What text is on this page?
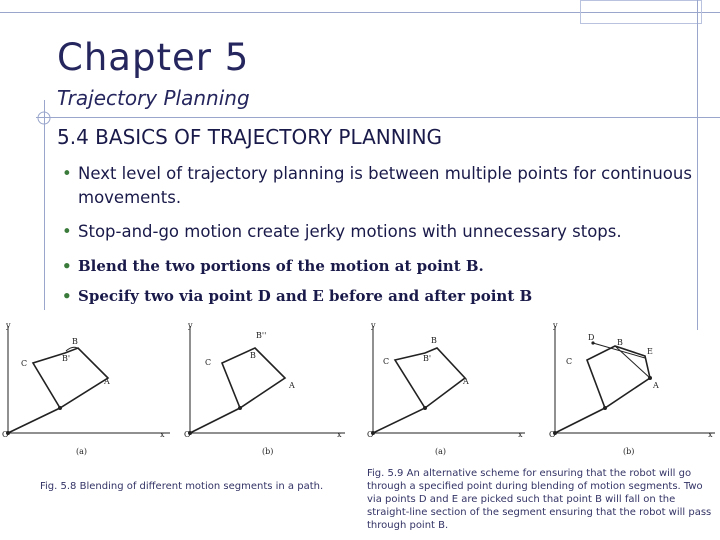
Chapter 5
Trajectory Planning
5.4 BASICS OF TRAJECTORY PLANNING
• Next level of trajectory planning is between multiple points for continuous movements.
• Stop-and-go motion create jerky motions with unnecessary stops.
• Blend the two portions of the motion at point B.
• Specify two via point D and E before and after point B
O	x
y
A
B
B'
C
(a)
O	x
y
A
B''
B
C
(b)
O	x
y
A
B
B'
C
(a)
O	x
y
A
B
D
E
C
(b)
Fig. 5.8 Blending of different motion segments in a path.
Fig. 5.9 An alternative scheme for ensuring that the robot will go through a specified point during blending of motion segments. Two via points D and E are picked such that point B will fall on the straight-line section of the segment ensuring that the robot will pass through point B.
